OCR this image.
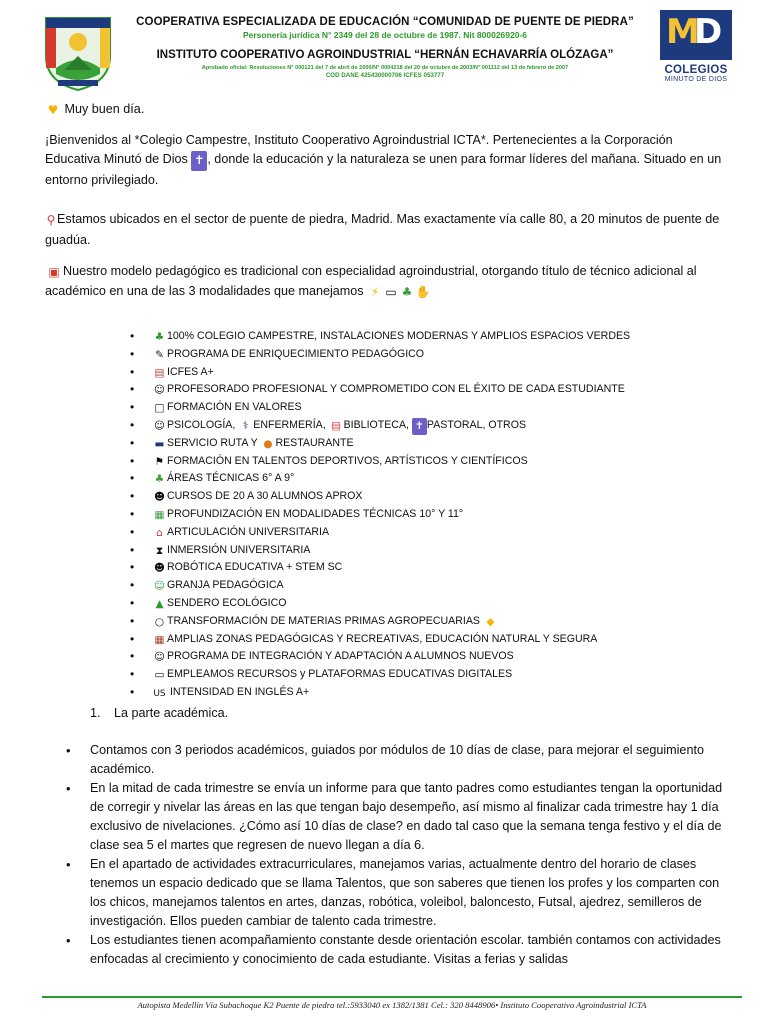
COOPERATIVA ESPECIALIZADA DE EDUCACIÓN “COMUNIDAD DE PUENTE DE PIEDRA”
Personería jurídica N° 2349 del 28 de octubre de 1987. Nit 800026920-6
INSTITUTO COOPERATIVO AGROINDUSTRIAL “HERNÁN ECHAVARRÍA OLÓZAGA”
Aprobado oficial: Resoluciones N° 000121 del 7 de abril de 2000/N° 0004218 del 20 de octubre de 2003/N° 001112 del 13 de febrero de 2007
COD DANE 425430000706 ICFES 053777
M
D
COLEGIOS
MINUTO DE DIOS

♥ Muy buen día.

¡Bienvenidos al *Colegio Campestre, Instituto Cooperativo Agroindustrial ICTA*. Pertenecientes a la Corporación Educativa Minutó de Dios ✝ , donde la educación y la naturaleza se unen para formar líderes del mañana. Situado en un entorno privilegiado.

⚲ Estamos ubicados en el sector de puente de piedra, Madrid. Mas exactamente vía calle 80, a 20 minutos de puente de guadúa.

▣ Nuestro modelo pedagógico es tradicional con especialidad agroindustrial, otorgando título de técnico adicional al académico en una de las 3 modalidades que manejamos ⚡ ▭ ♣ ✋

• ♣ 100% COLEGIO CAMPESTRE, INSTALACIONES MODERNAS Y AMPLIOS ESPACIOS VERDES
• ✎ PROGRAMA DE ENRIQUECIMIENTO PEDAGÓGICO
• ▤ ICFES A+
• ☺ PROFESORADO PROFESIONAL Y COMPROMETIDO CON EL ÉXITO DE CADA ESTUDIANTE
• □ FORMACIÓN EN VALORES
• ☺ PSICOLOGÍA, ⚕ ENFERMERÍA, ▤ BIBLIOTECA, ✝ PASTORAL, OTROS
• ▬ SERVICIO RUTA Y ● RESTAURANTE
• ⚑ FORMACIÓN EN TALENTOS DEPORTIVOS, ARTÍSTICOS Y CIENTÍFICOS
• ♣ ÁREAS TÉCNICAS 6° A 9°
• ☻ CURSOS DE 20 A 30 ALUMNOS APROX
• ▦ PROFUNDIZACIÓN EN MODALIDADES TÉCNICAS 10° Y 11°
• ⌂ ARTICULACIÓN UNIVERSITARIA
• ⧗ INMERSIÓN UNIVERSITARIA
• ☻ ROBÓTICA EDUCATIVA + STEM SC
• ☺ GRANJA PEDAGÓGICA
• ▲ SENDERO ECOLÓGICO
• ○ TRANSFORMACIÓN DE MATERIAS PRIMAS AGROPECUARIAS ◆
• ▦ AMPLIAS ZONAS PEDAGÓGICAS Y RECREATIVAS, EDUCACIÓN NATURAL Y SEGURA
• ☺ PROGRAMA DE INTEGRACIÓN Y ADAPTACIÓN A ALUMNOS NUEVOS
• ▭ EMPLEAMOS RECURSOS y PLATAFORMAS EDUCATIVAS DIGITALES
• US INTENSIDAD EN INGLÉS A+
1. La parte académica.
• Contamos con 3 periodos académicos, guiados por módulos de 10 días de clase, para mejorar el seguimiento académico.
• En la mitad de cada trimestre se envía un informe para que tanto padres como estudiantes tengan la oportunidad de corregir y nivelar las áreas en las que tengan bajo desempeño, así mismo al finalizar cada trimestre hay 1 día exclusivo de nivelaciones. ¿Cómo así 10 días de clase? en dado tal caso que la semana tenga festivo y el día de clase sea 5 el martes que regresen de nuevo llegan a día 6.
• En el apartado de actividades extracurriculares, manejamos varias, actualmente dentro del horario de clases tenemos un espacio dedicado que se llama Talentos, que son saberes que tienen los profes y los comparten con los chicos, manejamos talentos en artes, danzas, robótica, voleibol, baloncesto, Futsal, ajedrez, semilleros de investigación. Ellos pueden cambiar de talento cada trimestre.
• Los estudiantes tienen acompañamiento constante desde orientación escolar. también contamos con actividades enfocadas al crecimiento y conocimiento de cada estudiante. Visitas a ferias y salidas
Autopista Medellín Vía Subachoque K2 Puente de piedra tel.:5933040 ex 1382/1381 Cel.: 320 8448906• Instituto Cooperativo Agroindustrial ICTA
